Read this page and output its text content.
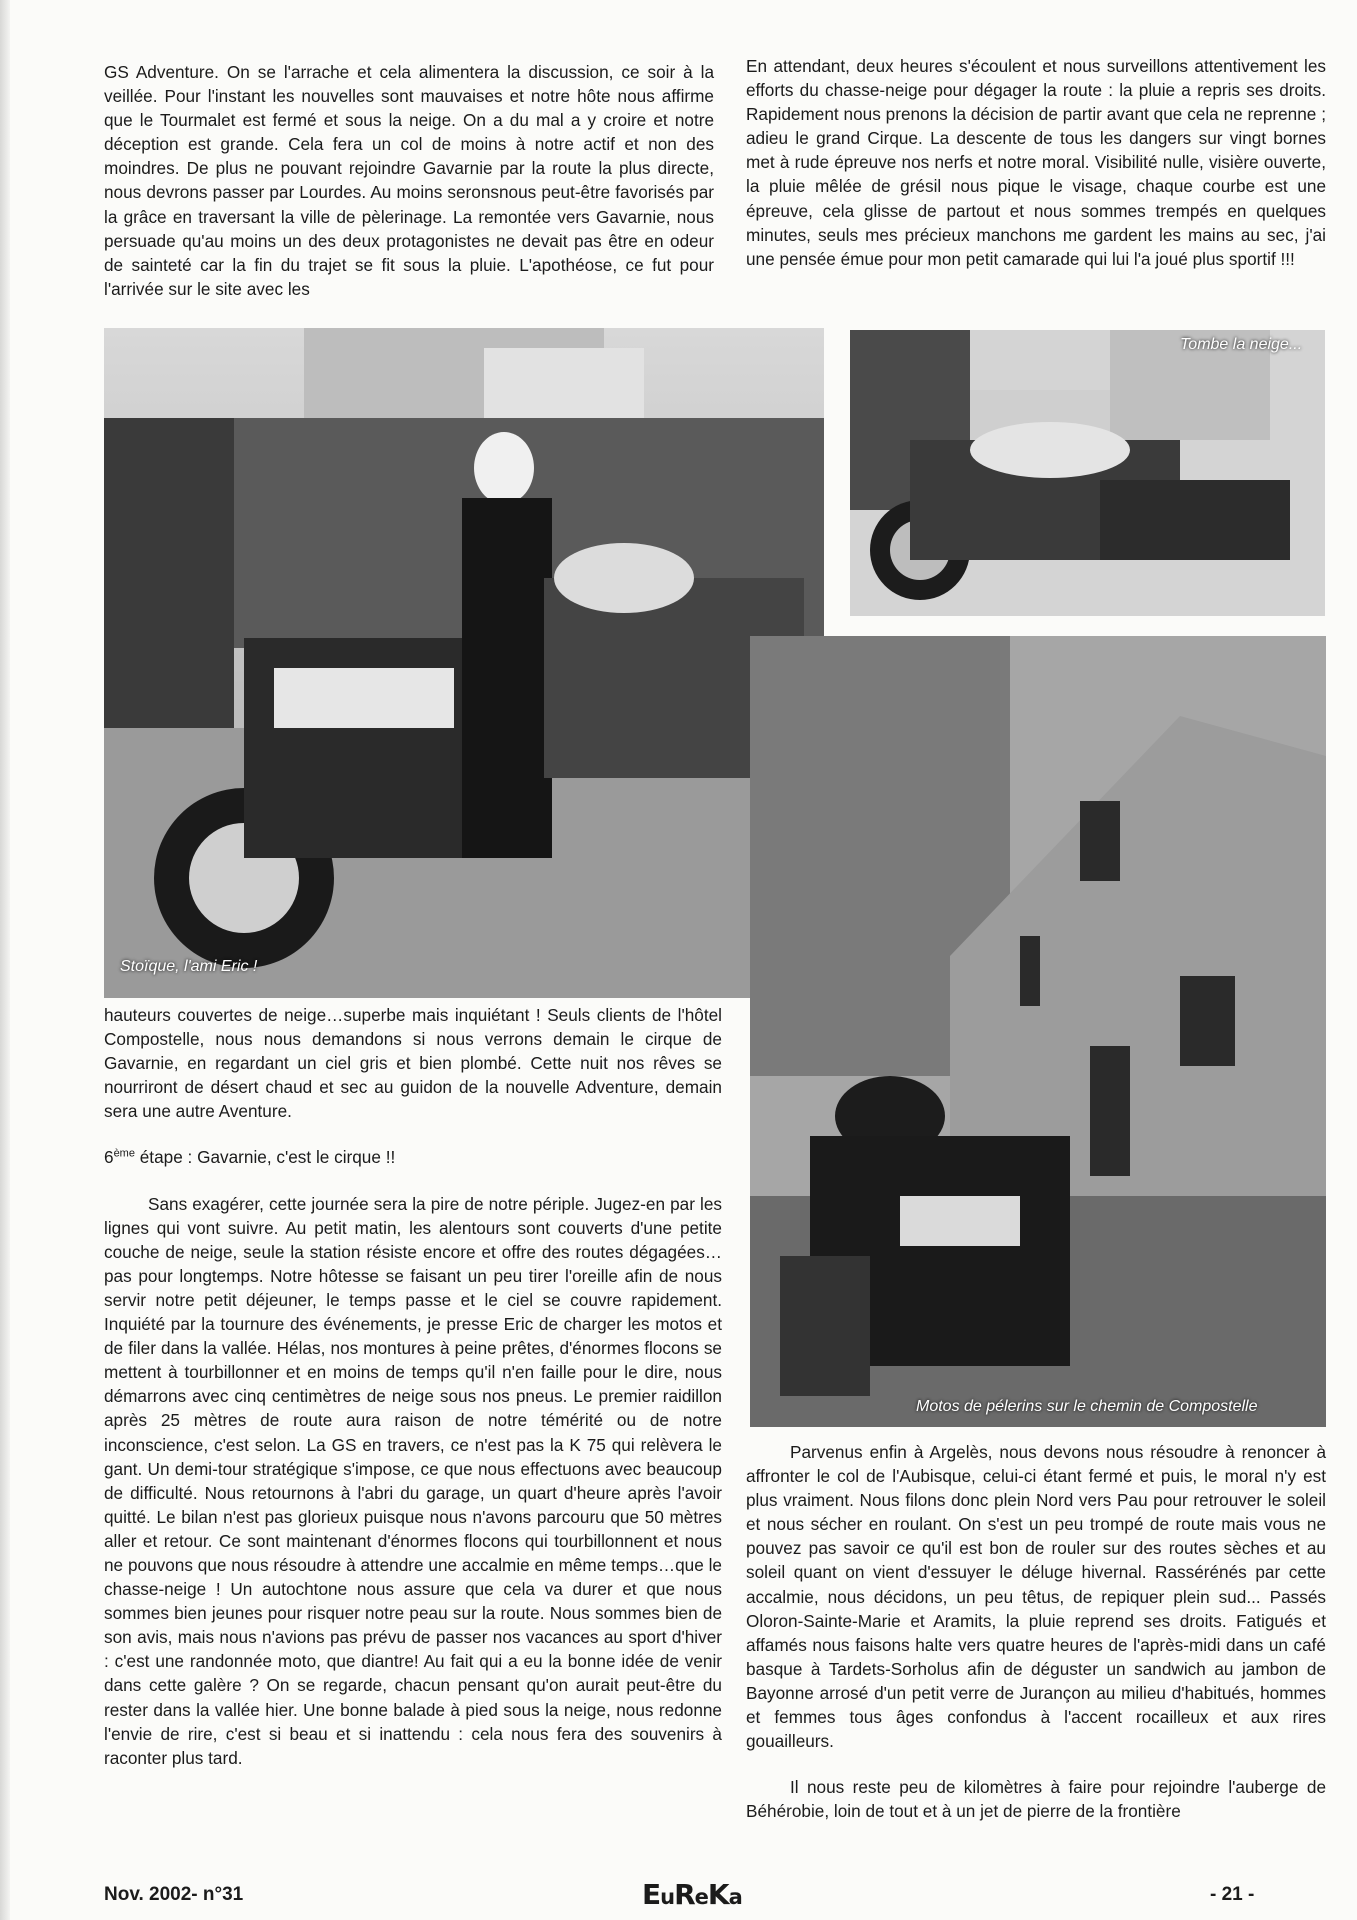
GS Adventure. On se l'arrache et cela alimentera la discussion, ce soir à la veillée. Pour l'instant les nouvelles sont mauvaises et notre hôte nous affirme que le Tourmalet est fermé et sous la neige. On a du mal a y croire et notre déception est grande. Cela fera un col de moins à notre actif et non des moindres. De plus ne pouvant rejoindre Gavarnie par la route la plus directe, nous devrons passer par Lourdes. Au moins seronsnous peut-être favorisés par la grâce en traversant la ville de pèlerinage. La remontée vers Gavarnie, nous persuade qu'au moins un des deux protagonistes ne devait pas être en odeur de sainteté car la fin du trajet se fit sous la pluie. L'apothéose, ce fut pour l'arrivée sur le site avec les

En attendant, deux heures s'écoulent et nous surveillons attentivement les efforts du chasse-neige pour dégager la route : la pluie a repris ses droits. Rapidement nous prenons la décision de partir avant que cela ne reprenne ; adieu le grand Cirque. La descente de tous les dangers sur vingt bornes met à rude épreuve nos nerfs et notre moral. Visibilité nulle, visière ouverte, la pluie mêlée de grésil nous pique le visage, chaque courbe est une épreuve, cela glisse de partout et nous sommes trempés en quelques minutes, seuls mes précieux manchons me gardent les mains au sec, j'ai une pensée émue pour mon petit camarade qui lui l'a joué plus sportif !!!

Stoïque, l'ami Eric !
Tombe la neige...
Motos de pélerins sur le chemin de Compostelle

hauteurs couvertes de neige…superbe mais inquiétant ! Seuls clients de l'hôtel Compostelle, nous nous demandons si nous verrons demain le cirque de Gavarnie, en regardant un ciel gris et bien plombé. Cette nuit nos rêves se nourriront de désert chaud et sec au guidon de la nouvelle Adventure, demain sera une autre Aventure.

6ème étape : Gavarnie, c'est le cirque !!

Sans exagérer, cette journée sera la pire de notre périple. Jugez-en par les lignes qui vont suivre. Au petit matin, les alentours sont couverts d'une petite couche de neige, seule la station résiste encore et offre des routes dégagées…pas pour longtemps. Notre hôtesse se faisant un peu tirer l'oreille afin de nous servir notre petit déjeuner, le temps passe et le ciel se couvre rapidement. Inquiété par la tournure des événements, je presse Eric de charger les motos et de filer dans la vallée. Hélas, nos montures à peine prêtes, d'énormes flocons se mettent à tourbillonner et en moins de temps qu'il n'en faille pour le dire, nous démarrons avec cinq centimètres de neige sous nos pneus. Le premier raidillon après 25 mètres de route aura raison de notre témérité ou de notre inconscience, c'est selon. La GS en travers, ce n'est pas la K 75 qui relèvera le gant. Un demi-tour stratégique s'impose, ce que nous effectuons avec beaucoup de difficulté. Nous retournons à l'abri du garage, un quart d'heure après l'avoir quitté. Le bilan n'est pas glorieux puisque nous n'avons parcouru que 50 mètres aller et retour. Ce sont maintenant d'énormes flocons qui tourbillonnent et nous ne pouvons que nous résoudre à attendre une accalmie en même temps…que le chasse-neige ! Un autochtone nous assure que cela va durer et que nous sommes bien jeunes pour risquer notre peau sur la route. Nous sommes bien de son avis, mais nous n'avions pas prévu de passer nos vacances au sport d'hiver : c'est une randonnée moto, que diantre! Au fait qui a eu la bonne idée de venir dans cette galère ? On se regarde, chacun pensant qu'on aurait peut-être du rester dans la vallée hier. Une bonne balade à pied sous la neige, nous redonne l'envie de rire, c'est si beau et si inattendu : cela nous fera des souvenirs à raconter plus tard.

Parvenus enfin à Argelès, nous devons nous résoudre à renoncer à affronter le col de l'Aubisque, celui-ci étant fermé et puis, le moral n'y est plus vraiment. Nous filons donc plein Nord vers Pau pour retrouver le soleil et nous sécher en roulant. On s'est un peu trompé de route mais vous ne pouvez pas savoir ce qu'il est bon de rouler sur des routes sèches et au soleil quant on vient d'essuyer le déluge hivernal. Rassérénés par cette accalmie, nous décidons, un peu têtus, de repiquer plein sud... Passés Oloron-Sainte-Marie et Aramits, la pluie reprend ses droits. Fatigués et affamés nous faisons halte vers quatre heures de l'après-midi dans un café basque à Tardets-Sorholus afin de déguster un sandwich au jambon de Bayonne arrosé d'un petit verre de Jurançon au milieu d'habitués, hommes et femmes tous âges confondus à l'accent rocailleux et aux rires gouailleurs.

Il nous reste peu de kilomètres à faire pour rejoindre l'auberge de Béhérobie, loin de tout et à un jet de pierre de la frontière

Nov. 2002- n°31	EuReKa	- 21 -
